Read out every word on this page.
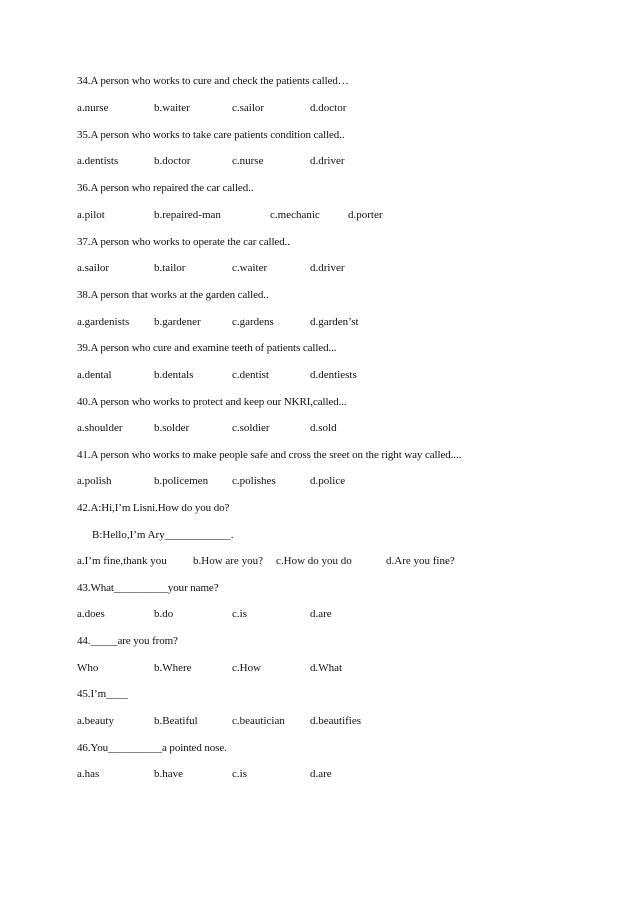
34.A person who works to cure and check the patients called…
a.nurse	b.waiter	c.sailor	d.doctor
35.A person who works to take care patients condition called..
a.dentists	b.doctor	c.nurse	d.driver
36.A person who repaired the car called..
a.pilot	b.repaired-man	c.mechanic	d.porter
37.A person who works to operate the car called..
a.sailor	b.tailor	c.waiter	d.driver
38.A person that works at the garden called..
a.gardenists b.gardener	c.gardens	d.garden’st
39.A person who cure and examine teeth of patients called...
a.dental	b.dentals	c.dentist	d.dentiests
40.A person who works to protect and keep our NKRI,called...
a.shoulder	b.solder	c.soldier	d.sold
41.A person who works to make people safe and cross the sreet on the right way called....
a.polish	b.policemen c.polishes	d.police
42.A:Hi,I’m Lisni.How do you do?
B:Hello,I’m Ary____________.
a.I’m fine,thank you b.How are you? c.How do you do	d.Are you fine?
43.What__________your name?
a.does	b.do	c.is	d.are
44._____are you from?
Who	b.Where	c.How	d.What
45.I’m____
a.beauty	b.Beatiful	c.beautician d.beautifies
46.You__________a pointed nose.
a.has	b.have	c.is	d.are
